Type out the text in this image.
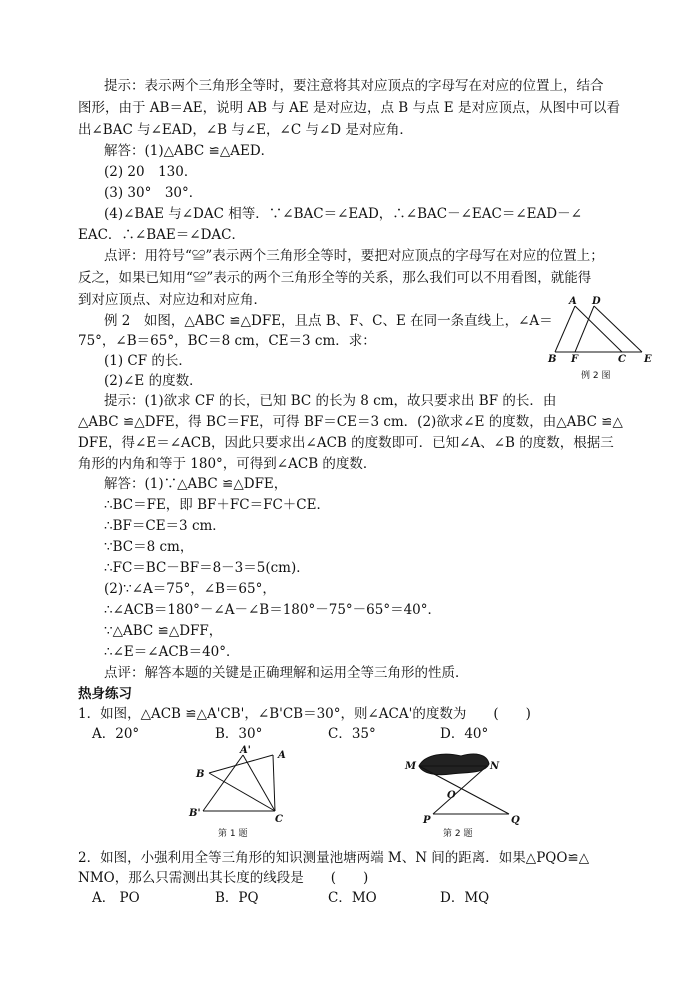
提示：表示两个三角形全等时，要注意将其对应顶点的字母写在对应的位置上，结合
图形，由于 AB＝AE，说明 AB 与 AE 是对应边，点 B 与点 E 是对应顶点，从图中可以看
出∠BAC 与∠EAD，∠B 与∠E，∠C 与∠D 是对应角．
解答：(1)△ABC ≌△AED．
(2) 20　130．
(3) 30°　30°．
(4)∠BAE 与∠DAC 相等．∵∠BAC＝∠EAD，∴∠BAC－∠EAC＝∠EAD－∠
EAC．∴∠BAE＝∠DAC．
点评：用符号“≌”表示两个三角形全等时，要把对应顶点的字母写在对应的位置上；
反之，如果已知用“≌”表示的两个三角形全等的关系，那么我们可以不用看图，就能得
到对应顶点、对应边和对应角．
例 2　如图，△ABC ≌△DFE，且点 B、F、C、E 在同一条直线上，∠A＝
75°，∠B＝65°，BC＝8 cm，CE＝3 cm．求：
(1) CF 的长．
(2)∠E 的度数．
A D
B F	C E
例 2 图
提示：(1)欲求 CF 的长，已知 BC 的长为 8 cm，故只要求出 BF 的长．由
△ABC ≌△DFE，得 BC＝FE，可得 BF＝CE＝3 cm．(2)欲求∠E 的度数，由△ABC ≌△
DFE，得∠E＝∠ACB，因此只要求出∠ACB 的度数即可．已知∠A、∠B 的度数，根据三
角形的内角和等于 180°，可得到∠ACB 的度数．
解答：(1)∵△ABC ≌△DFE，
∴BC＝FE，即 BF＋FC＝FC＋CE．
∴BF＝CE＝3 cm．
∵BC＝8 cm，
∴FC＝BC－BF＝8－3＝5(cm)．
(2)∵∠A＝75°，∠B＝65°，
∴∠ACB＝180°－∠A－∠B＝180°－75°－65°＝40°．
∵△ABC ≌△DFF，
∴∠E＝∠ACB＝40°．
点评：解答本题的关键是正确理解和运用全等三角形的性质．
热身练习
1．如图，△ACB ≌△A'CB'，∠B'CB＝30°，则∠ACA'的度数为　　(　　)
A．20°	B．30°	C．35°	D．40°
A'	A
B
B'
C
第 1 题
M	N
O
P	Q
第 2 题
2．如图，小强利用全等三角形的知识测量池塘两端 M、N 间的距离．如果△PQO≌△
NMO，那么只需测出其长度的线段是　　(　　)
A． PO	B．PQ	C．MO	D．MQ
